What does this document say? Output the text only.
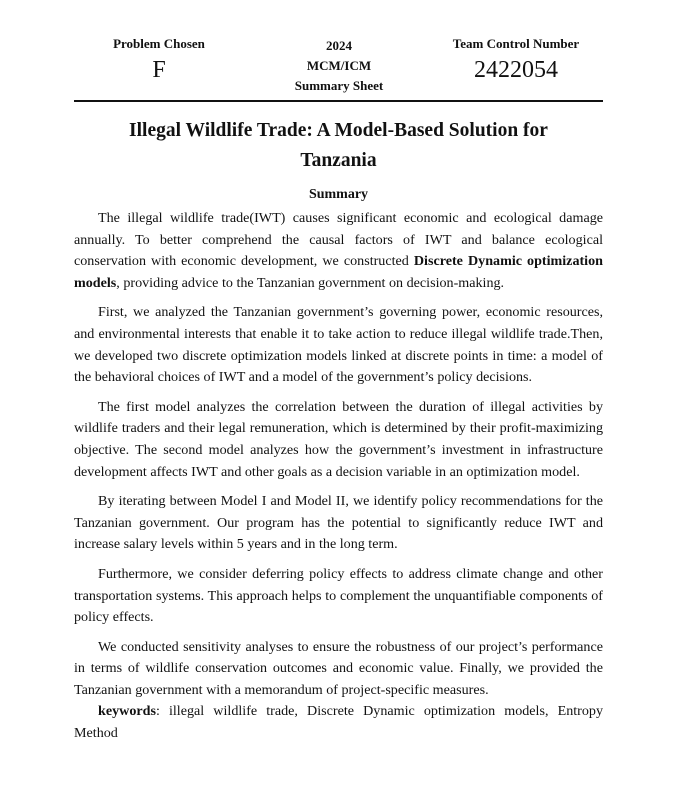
Problem Chosen
F
2024
MCM/ICM
Summary Sheet
Team Control Number
2422054
Illegal Wildlife Trade: A Model-Based Solution for
Tanzania
Summary

The illegal wildlife trade(IWT) causes significant economic and ecological damage annually. To better comprehend the causal factors of IWT and balance ecological conservation with economic development, we constructed Discrete Dynamic optimization models, providing advice to the Tanzanian government on decision-making.

First, we analyzed the Tanzanian government’s governing power, economic resources, and environmental interests that enable it to take action to reduce illegal wildlife trade.Then, we developed two discrete optimization models linked at discrete points in time: a model of the behavioral choices of IWT and a model of the government’s policy decisions.

The first model analyzes the correlation between the duration of illegal activities by wildlife traders and their legal remuneration, which is determined by their profit-maximizing objective. The second model analyzes how the government’s investment in infrastructure development affects IWT and other goals as a decision variable in an optimization model.

By iterating between Model I and Model II, we identify policy recommendations for the Tanzanian government. Our program has the potential to significantly reduce IWT and increase salary levels within 5 years and in the long term.

Furthermore, we consider deferring policy effects to address climate change and other transportation systems. This approach helps to complement the unquantifiable components of policy effects.

We conducted sensitivity analyses to ensure the robustness of our project’s performance in terms of wildlife conservation outcomes and economic value. Finally, we provided the Tanzanian government with a memorandum of project-specific measures.

keywords: illegal wildlife trade, Discrete Dynamic optimization models, Entropy Method
